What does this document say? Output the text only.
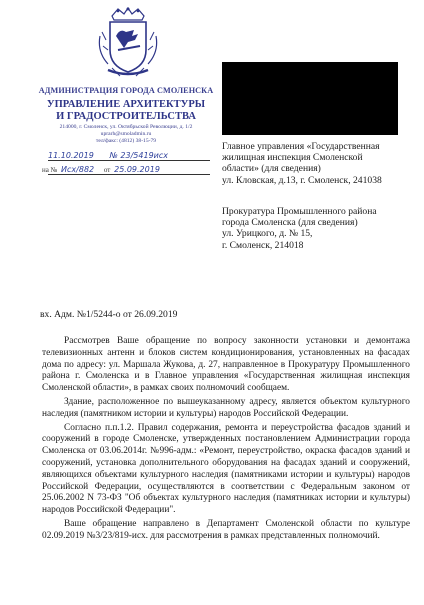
АДМИНИСТРАЦИЯ ГОРОДА СМОЛЕНСКА
УПРАВЛЕНИЕ АРХИТЕКТУРЫ
И ГРАДОСТРОИТЕЛЬСТВА
214000, г. Смоленск, ул. Октябрьской Революции, д. 1/2
uprarh@smoladmin.ru
тел/факс: (4812) 38-15-79
11.10.2019 № 23/5419исх
на № Исх/882 от 25.09.2019
Главное управления «Государственная
жилищная инспекция Смоленской
области» (для сведения)
ул. Кловская, д.13, г. Смоленск, 241038
Прокуратура Промышленного района
города Смоленска (для сведения)
ул. Урицкого, д. № 15,
г. Смоленск, 214018
вх. Адм. №1/5244-о от 26.09.2019

Рассмотрев Ваше обращение по вопросу законности установки и демонтажа телевизионных антенн и блоков систем кондиционирования, установленных на фасадах дома по адресу: ул. Маршала Жукова, д. 27, направленное в Прокуратуру Промышленного района г. Смоленска и в Главное управления «Государственная жилищная инспекция Смоленской области», в рамках своих полномочий сообщаем.

Здание, расположенное по вышеуказанному адресу, является объектом культурного наследия (памятником истории и культуры) народов Российской Федерации.

Согласно п.п.1.2. Правил содержания, ремонта и переустройства фасадов зданий и сооружений в городе Смоленске, утвержденных постановлением Администрации города Смоленска от 03.06.2014г. №996-адм.: «Ремонт, переустройство, окраска фасадов зданий и сооружений, установка дополнительного оборудования на фасадах зданий и сооружений, являющихся объектами культурного наследия (памятниками истории и культуры) народов Российской Федерации, осуществляются в соответствии с Федеральным законом от 25.06.2002 N 73-ФЗ "Об объектах культурного наследия (памятниках истории и культуры) народов Российской Федерации".

Ваше обращение направлено в Департамент Смоленской области по культуре 02.09.2019 №3/23/819-исх. для рассмотрения в рамках представленных полномочий.
